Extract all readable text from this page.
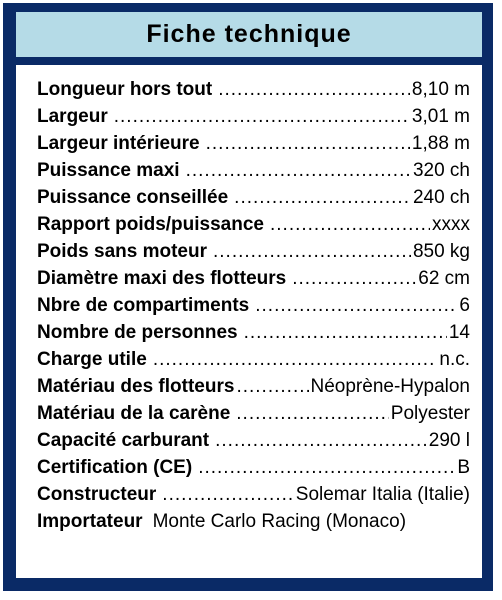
Fiche technique
Longueur hors tout .....	8,10 m
Largeur .....	3,01 m
Largeur intérieure .....	1,88 m
Puissance maxi .....	320 ch
Puissance conseillée .....	240 ch
Rapport poids/puissance .....	xxxx
Poids sans moteur .....	850 kg
Diamètre maxi des flotteurs .....	62 cm
Nbre de compartiments .....	6
Nombre de personnes .....	14
Charge utile .....	n.c.
Matériau des flotteurs .....	Néoprène-Hypalon
Matériau de la carène .....	Polyester
Capacité carburant .....	290 l
Certification (CE) .....	B
Constructeur .....	Solemar Italia (Italie)
Importateur Monte Carlo Racing (Monaco)
